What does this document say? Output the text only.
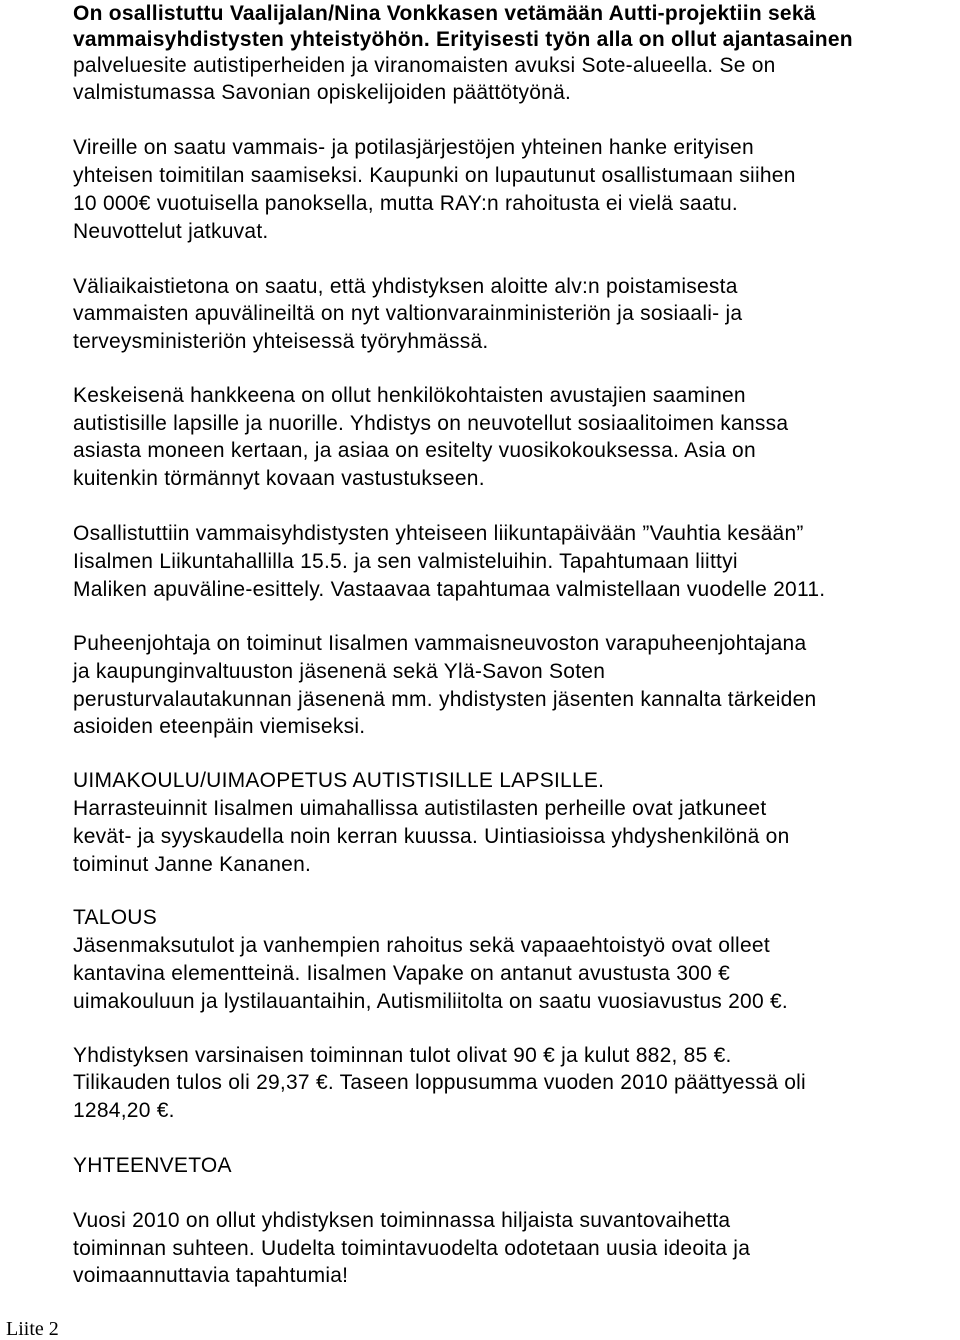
On osallistuttu Vaalijalan/Nina Vonkkasen vetämään Autti-projektiin sekä
vammaisyhdistysten yhteistyöhön. Erityisesti työn alla on ollut ajantasainen
palveluesite autistiperheiden ja viranomaisten avuksi Sote-alueella. Se on
valmistumassa Savonian opiskelijoiden päättötyönä.
Vireille on saatu vammais- ja potilasjärjestöjen yhteinen hanke erityisen
yhteisen toimitilan saamiseksi. Kaupunki on lupautunut osallistumaan siihen
10 000€ vuotuisella panoksella, mutta RAY:n rahoitusta ei vielä saatu.
Neuvottelut jatkuvat.
Väliaikaistietona on saatu, että yhdistyksen aloitte alv:n poistamisesta
vammaisten apuvälineiltä on nyt valtionvarainministeriön ja sosiaali- ja
terveysministeriön yhteisessä työryhmässä.
Keskeisenä hankkeena on ollut henkilökohtaisten avustajien saaminen
autistisille lapsille ja nuorille. Yhdistys on neuvotellut sosiaalitoimen kanssa
asiasta moneen kertaan, ja asiaa on esitelty vuosikokouksessa. Asia on
kuitenkin törmännyt kovaan vastustukseen.
Osallistuttiin vammaisyhdistysten yhteiseen liikuntapäivään ”Vauhtia kesään”
Iisalmen Liikuntahallilla 15.5. ja sen valmisteluihin. Tapahtumaan liittyi
Maliken apuväline-esittely. Vastaavaa tapahtumaa valmistellaan vuodelle 2011.
Puheenjohtaja on toiminut Iisalmen vammaisneuvoston varapuheenjohtajana
ja kaupunginvaltuuston jäsenenä sekä Ylä-Savon Soten
perusturvalautakunnan jäsenenä mm. yhdistysten jäsenten kannalta tärkeiden
asioiden eteenpäin viemiseksi.
UIMAKOULU/UIMAOPETUS AUTISTISILLE LAPSILLE.
Harrasteuinnit Iisalmen uimahallissa autistilasten perheille ovat jatkuneet
kevät- ja syyskaudella noin kerran kuussa. Uintiasioissa yhdyshenkilönä on
toiminut Janne Kananen.
TALOUS
Jäsenmaksutulot ja vanhempien rahoitus sekä vapaaehtoistyö ovat olleet
kantavina elementteinä. Iisalmen Vapake on antanut avustusta 300 €
uimakouluun ja lystilauantaihin, Autismiliitolta on saatu vuosiavustus 200 €.
Yhdistyksen varsinaisen toiminnan tulot olivat 90 € ja kulut 882, 85 €.
Tilikauden tulos oli 29,37 €. Taseen loppusumma vuoden 2010 päättyessä oli
1284,20 €.
YHTEENVETOA
Vuosi 2010 on ollut yhdistyksen toiminnassa hiljaista suvantovaihetta
toiminnan suhteen. Uudelta toimintavuodelta odotetaan uusia ideoita ja
voimaannuttavia tapahtumia!
Liite 2
